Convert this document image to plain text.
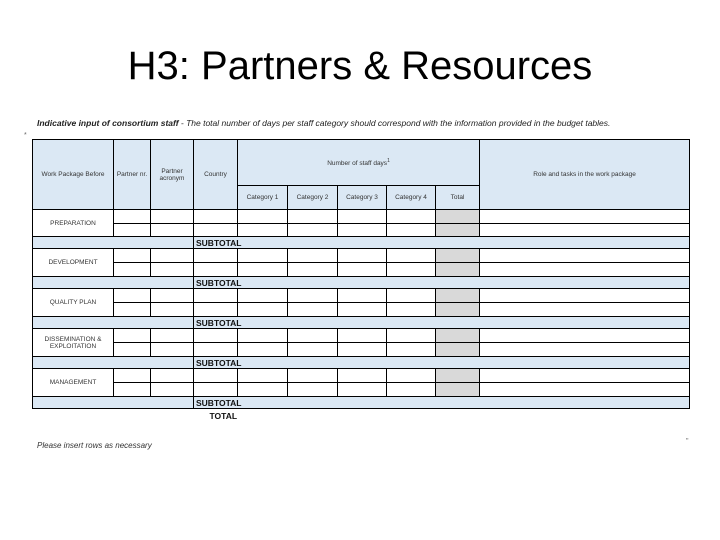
H3: Partners & Resources
*
"
Indicative input of consortium staff - The total number of days per staff category should correspond with the information provided in the budget tables.
Work Package Before	Partner nr.	Partner acronym	Country	Number of staff days$^1$					Role and tasks in the work package
				Category 1	Category 2	Category 3	Category 4	Total	
PREPARATION									

			SUBTOTAL						
DEVELOPMENT									

			SUBTOTAL						
QUALITY PLAN									

			SUBTOTAL						
DISSEMINATION & EXPLOITATION									

			SUBTOTAL						
MANAGEMENT									

			SUBTOTAL						
			TOTAL						
Please insert rows as necessary
